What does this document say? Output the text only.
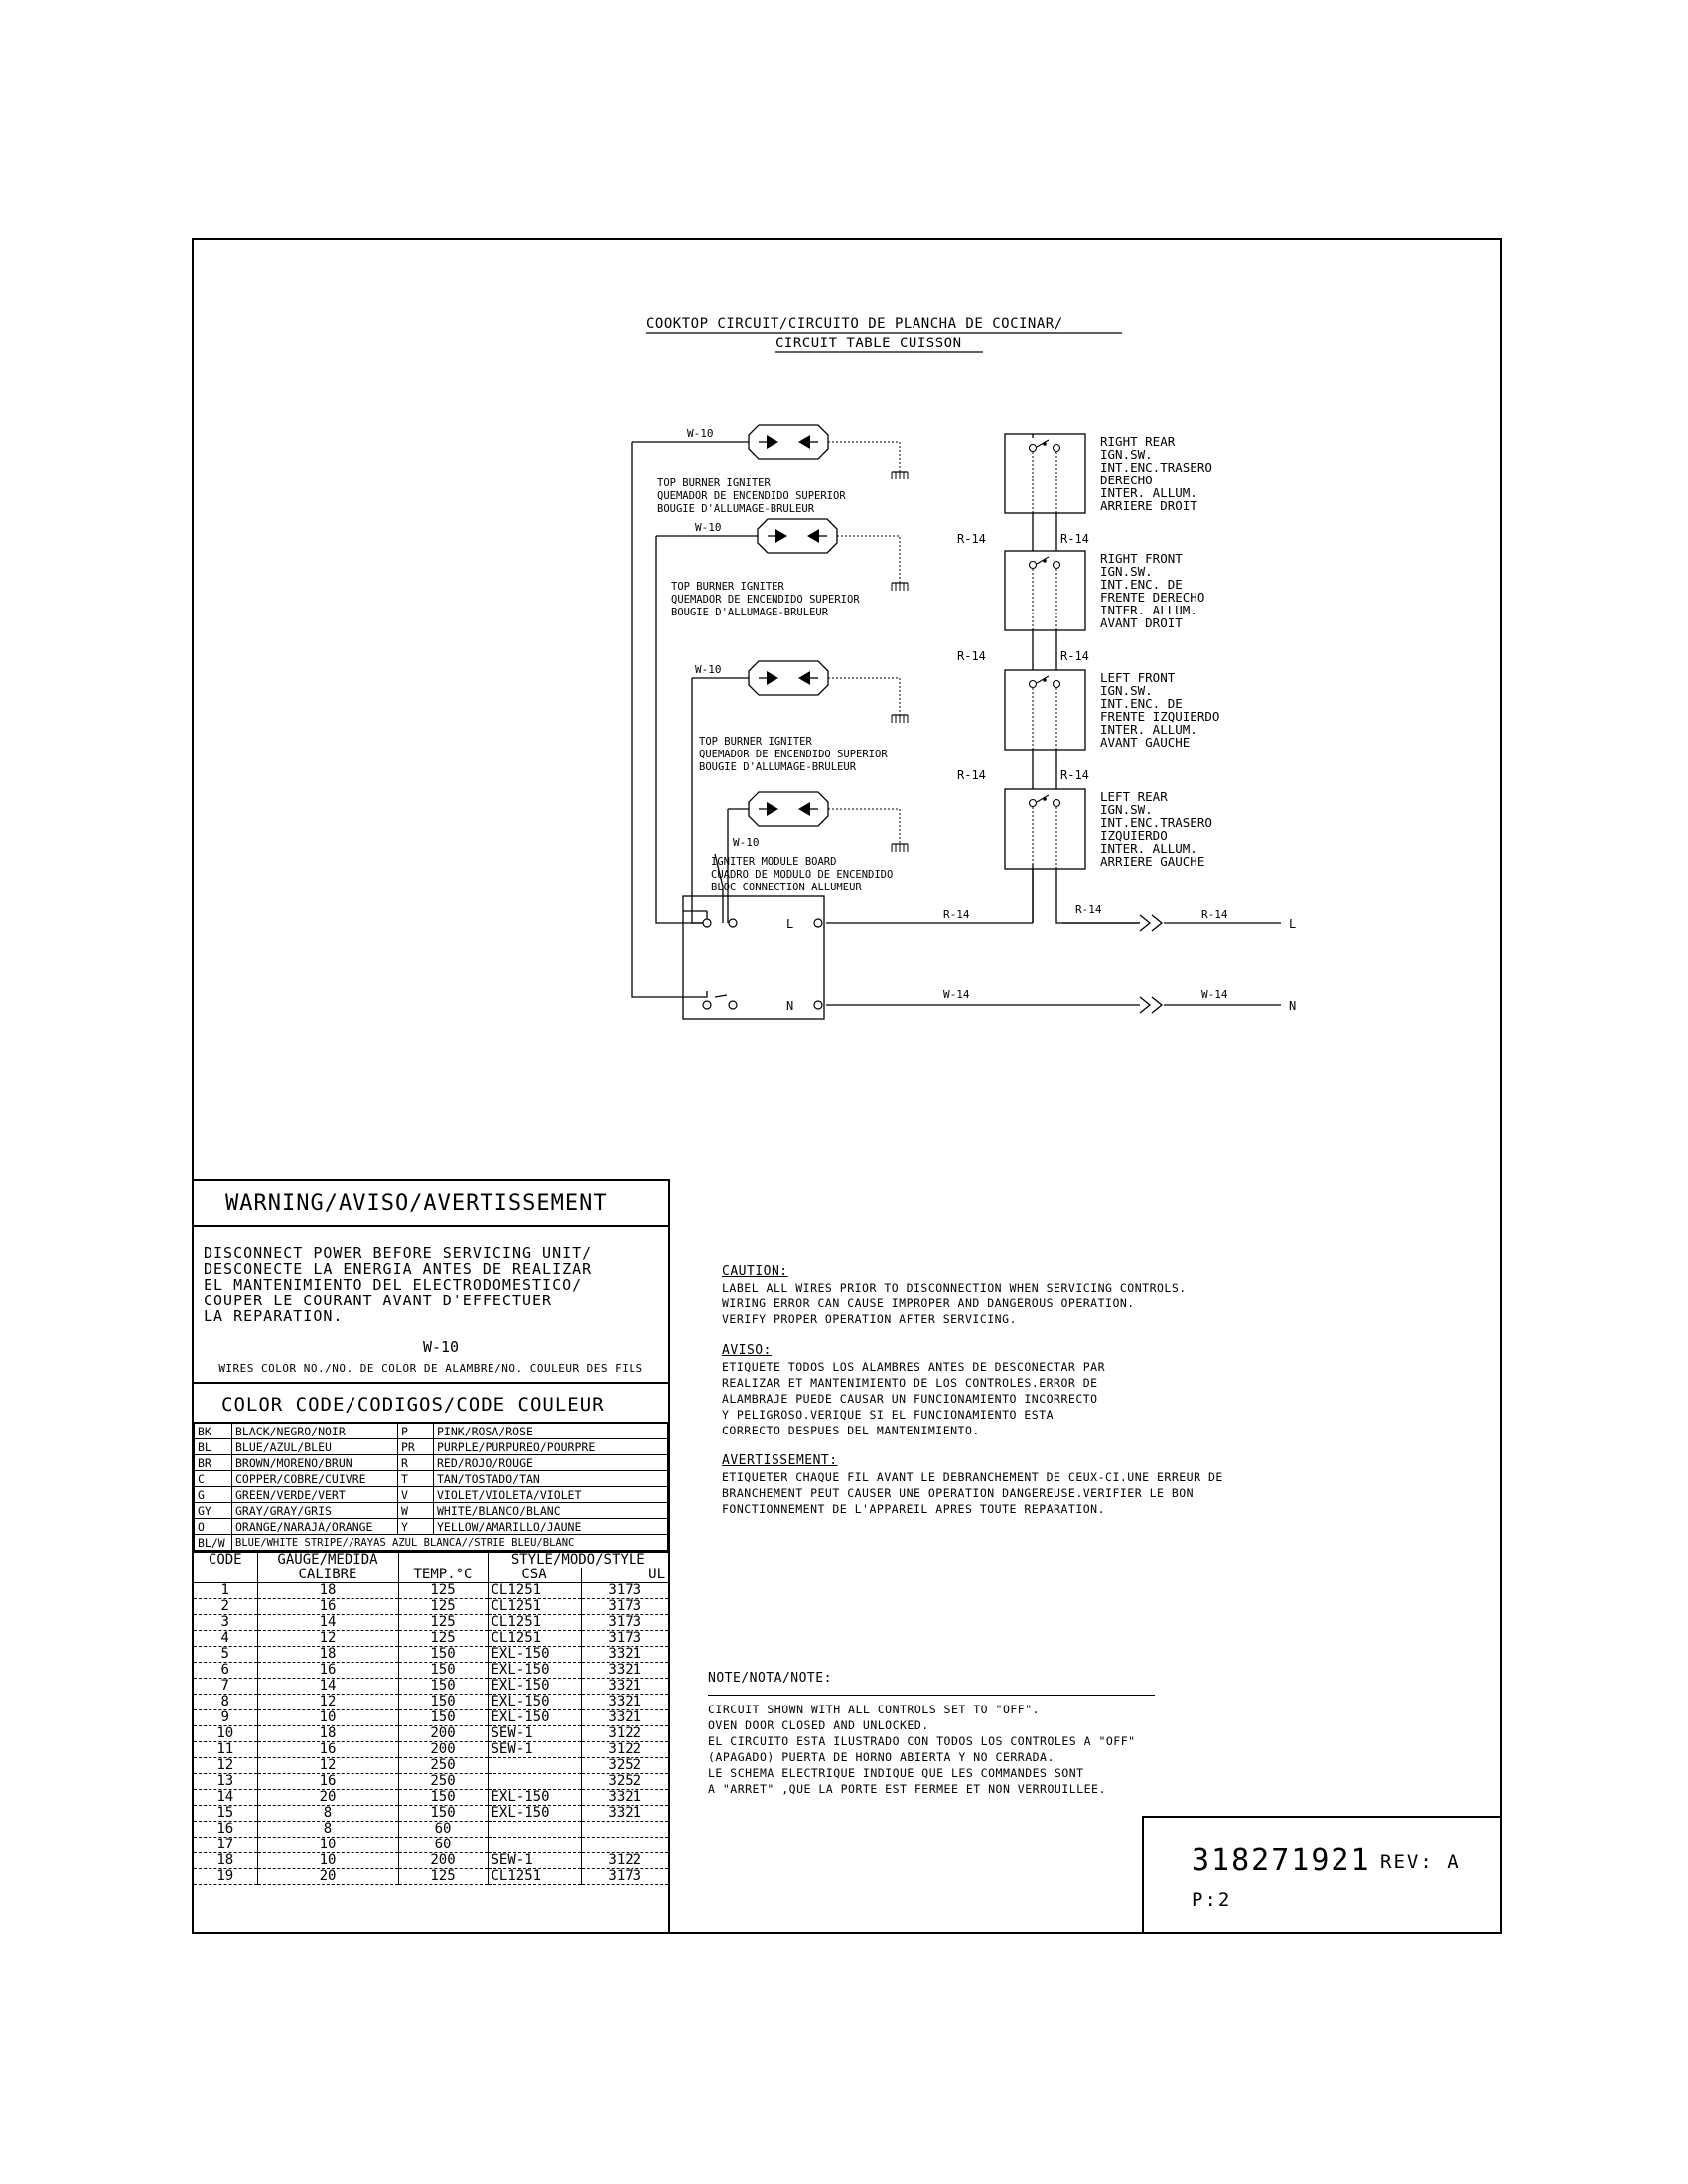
COOKTOP CIRCUIT/CIRCUITO DE PLANCHA DE COCINAR/
CIRCUIT TABLE CUISSON
L
N
L
N
R-14	R-14
W-14	W-14
R-14
W-10
TOP BURNER IGNITER
QUEMADOR DE ENCENDIDO SUPERIOR
BOUGIE D'ALLUMAGE-BRULEUR
W-10
TOP BURNER IGNITER
QUEMADOR DE ENCENDIDO SUPERIOR
BOUGIE D'ALLUMAGE-BRULEUR
W-10
TOP BURNER IGNITER
QUEMADOR DE ENCENDIDO SUPERIOR
BOUGIE D'ALLUMAGE-BRULEUR
W-10
IGNITER MODULE BOARD
CUADRO DE MODULO DE ENCENDIDO
BLOC CONNECTION ALLUMEUR
R-14	R-14
RIGHT REAR
IGN.SW.
INT.ENC.TRASERO
DERECHO
INTER. ALLUM.
ARRIERE DROIT
R-14	R-14
RIGHT FRONT
IGN.SW.
INT.ENC. DE
FRENTE DERECHO
INTER. ALLUM.
AVANT DROIT
R-14	R-14
LEFT FRONT
IGN.SW.
INT.ENC. DE
FRENTE IZQUIERDO
INTER. ALLUM.
AVANT GAUCHE
LEFT REAR
IGN.SW.
INT.ENC.TRASERO
IZQUIERDO
INTER. ALLUM.
ARRIERE GAUCHE
WARNING/AVISO/AVERTISSEMENT
DISCONNECT POWER BEFORE SERVICING UNIT/
DESCONECTE LA ENERGIA ANTES DE REALIZAR
EL MANTENIMIENTO DEL ELECTRODOMESTICO/
COUPER LE COURANT AVANT D'EFFECTUER
LA REPARATION.
W-10
WIRES COLOR NO./NO. DE COLOR DE ALAMBRE/NO. COULEUR DES FILS
COLOR CODE/CODIGOS/CODE COULEUR
BK	BLACK/NEGRO/NOIR	P	PINK/ROSA/ROSE
BL	BLUE/AZUL/BLEU	PR	PURPLE/PURPUREO/POURPRE
BR	BROWN/MORENO/BRUN	R	RED/ROJO/ROUGE
C	COPPER/COBRE/CUIVRE	T	TAN/TOSTADO/TAN
G	GREEN/VERDE/VERT	V	VIOLET/VIOLETA/VIOLET
GY	GRAY/GRAY/GRIS	W	WHITE/BLANCO/BLANC
O	ORANGE/NARAJA/ORANGE	Y	YELLOW/AMARILLO/JAUNE
BL/W	BLUE/WHITE STRIPE//RAYAS AZUL BLANCA//STRIE BLEU/BLANC		
CODE	GAUGE/MEDIDA		STYLE/MODO/STYLE	
	CALIBRE	TEMP.°C	CSA	UL
1	18	125	CL1251	3173
2	16	125	CL1251	3173
3	14	125	CL1251	3173
4	12	125	CL1251	3173
5	18	150	EXL-150	3321
6	16	150	EXL-150	3321
7	14	150	EXL-150	3321
8	12	150	EXL-150	3321
9	10	150	EXL-150	3321
10	18	200	SEW-1	3122
11	16	200	SEW-1	3122
12	12	250		3252
13	16	250		3252
14	20	150	EXL-150	3321
15	8	150	EXL-150	3321
16	8	60		
17	10	60		
18	10	200	SEW-1	3122
19	20	125	CL1251	3173
CAUTION:
LABEL ALL WIRES PRIOR TO DISCONNECTION WHEN SERVICING CONTROLS.
WIRING ERROR CAN CAUSE IMPROPER AND DANGEROUS OPERATION.
VERIFY PROPER OPERATION AFTER SERVICING.
AVISO:
ETIQUETE TODOS LOS ALAMBRES ANTES DE DESCONECTAR PAR
REALIZAR ET MANTENIMIENTO DE LOS CONTROLES.ERROR DE
ALAMBRAJE PUEDE CAUSAR UN FUNCIONAMIENTO INCORRECTO
Y PELIGROSO.VERIQUE SI EL FUNCIONAMIENTO ESTA
CORRECTO DESPUES DEL MANTENIMIENTO.
AVERTISSEMENT:
ETIQUETER CHAQUE FIL AVANT LE DEBRANCHEMENT DE CEUX-CI.UNE ERREUR DE
BRANCHEMENT PEUT CAUSER UNE OPERATION DANGEREUSE.VERIFIER LE BON
FONCTIONNEMENT DE L'APPAREIL APRES TOUTE REPARATION.
NOTE/NOTA/NOTE:
CIRCUIT SHOWN WITH ALL CONTROLS SET TO "OFF".
OVEN DOOR CLOSED AND UNLOCKED.
EL CIRCUITO ESTA ILUSTRADO CON TODOS LOS CONTROLES A "OFF"
(APAGADO) PUERTA DE HORNO ABIERTA Y NO CERRADA.
LE SCHEMA ELECTRIQUE INDIQUE QUE LES COMMANDES SONT
A "ARRET" ,QUE LA PORTE EST FERMEE ET NON VERROUILLEE.
318271921 REV: A
P:2
